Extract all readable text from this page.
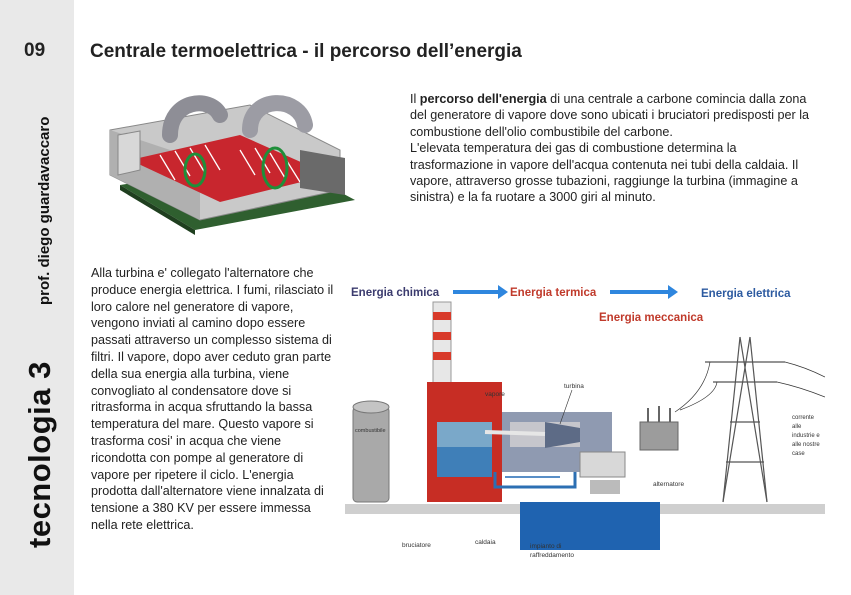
09
prof. diego guardavaccaro
tecnologia 3
Centrale termoelettrica - il percorso dell’energia

Il percorso dell'energia di una centrale a carbone comincia dalla zona del generatore di vapore dove sono ubicati i bruciatori predisposti per la combustione dell'olio combustibile del carbone.

L'elevata temperatura dei gas di combustione determina la trasformazione in vapore dell'acqua contenuta nei tubi della caldaia. Il vapore, attraverso grosse tubazioni, raggiunge la turbina (immagine a sinistra) e la fa ruotare a 3000 giri al minuto.

Alla turbina e' collegato l'alternatore che produce energia elettrica. I fumi, rilasciato il loro calore nel generatore di vapore, vengono inviati al camino dopo essere passati attraverso un complesso sistema di filtri. Il vapore, dopo aver ceduto gran parte della sua energia alla turbina, viene convogliato al condensatore dove si ritrasforma in acqua sfruttando la bassa temperatura del mare. Questo vapore si trasforma cosi' in acqua che viene ricondotta con pompe al generatore di vapore per ripetere il ciclo. L'energia prodotta dall'alternatore viene innalzata di tensione a 380 KV per essere immessa nella rete elettrica.
Energia chimica	Energia termica	Energia elettrica
Energia meccanica
combustibile
vapore
turbina
caldaia
impianto di
raffreddamento
bruciatore
alternatore
corrente
alle
industrie e
alle nostre
case
